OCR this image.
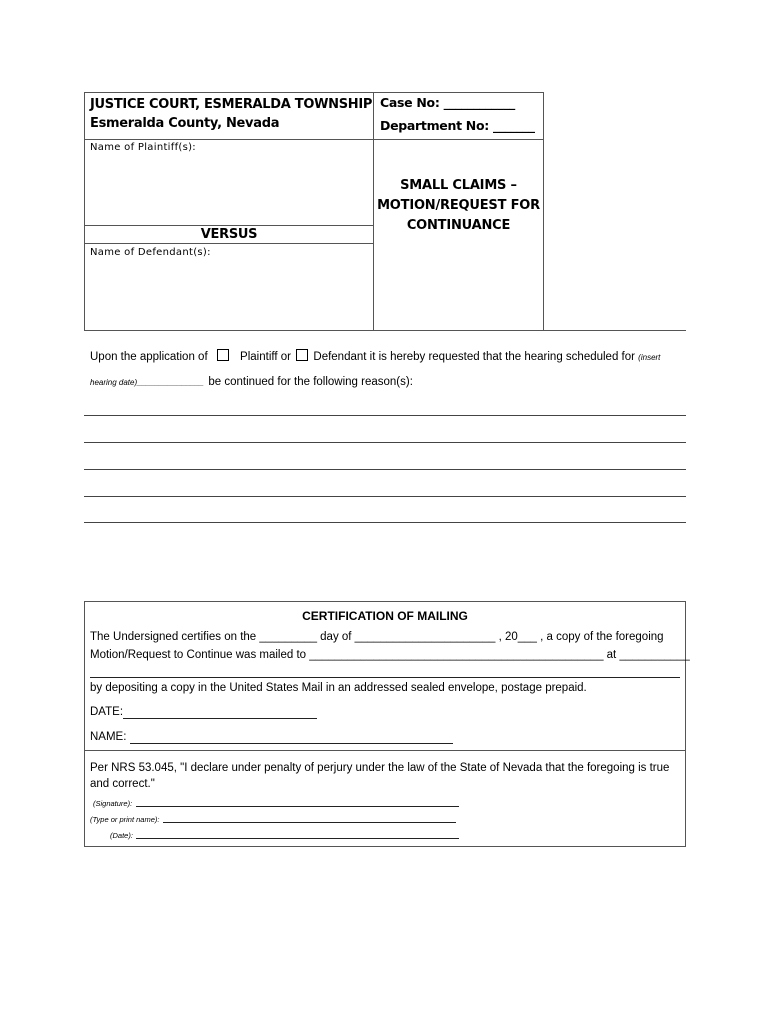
JUSTICE COURT, ESMERALDA TOWNSHIP
Esmeralda County, Nevada
Case No: ____________
Department No: _______
Name of Plaintiff(s):
VERSUS
Name of Defendant(s):
SMALL CLAIMS –
MOTION/REQUEST FOR
CONTINUANCE
Upon the application of	Plaintiff or Defendant it is hereby requested that the hearing scheduled for (insert
hearing date)_______________ be continued for the following reason(s):
CERTIFICATION OF MAILING
The Undersigned certifies on the _________ day of ______________________ , 20___ , a copy of the foregoing
Motion/Request to Continue was mailed to ______________________________________________ at ___________
by depositing a copy in the United States Mail in an addressed sealed envelope, postage prepaid.
DATE:
NAME:
Per NRS 53.045, "I declare under penalty of perjury under the law of the State of Nevada that the foregoing is true
and correct."
(Signature):
(Type or print name):
(Date):
